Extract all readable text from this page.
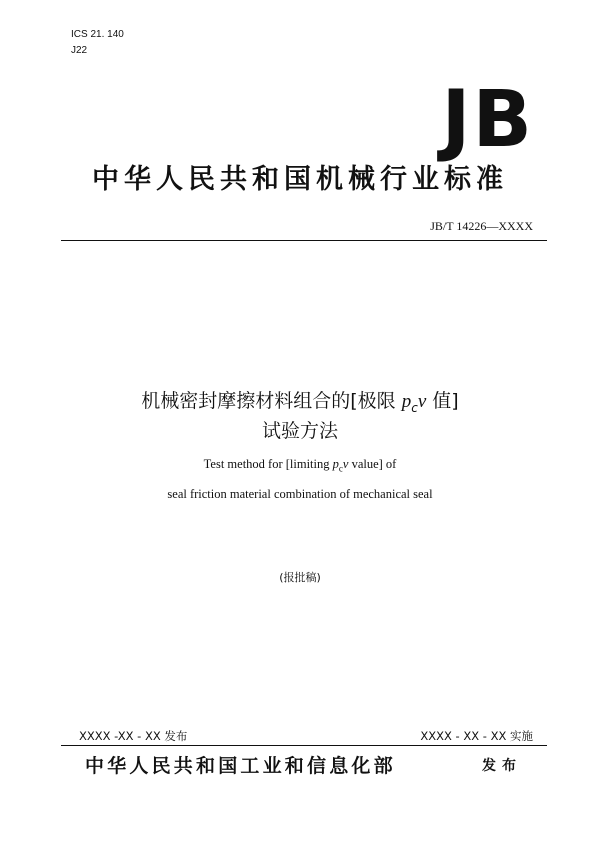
ICS 21. 140
J22
JB
中华人民共和国机械行业标准
JB/T 14226—XXXX
机械密封摩擦材料组合的[极限 $p_cv$ 值]
试验方法
Test method for [limiting $p_cv$ value] of
seal friction material combination of mechanical seal
(报批稿)
XXXX -XX - XX 发布	XXXX - XX - XX 实施
中华人民共和国工业和信息化部	发布
